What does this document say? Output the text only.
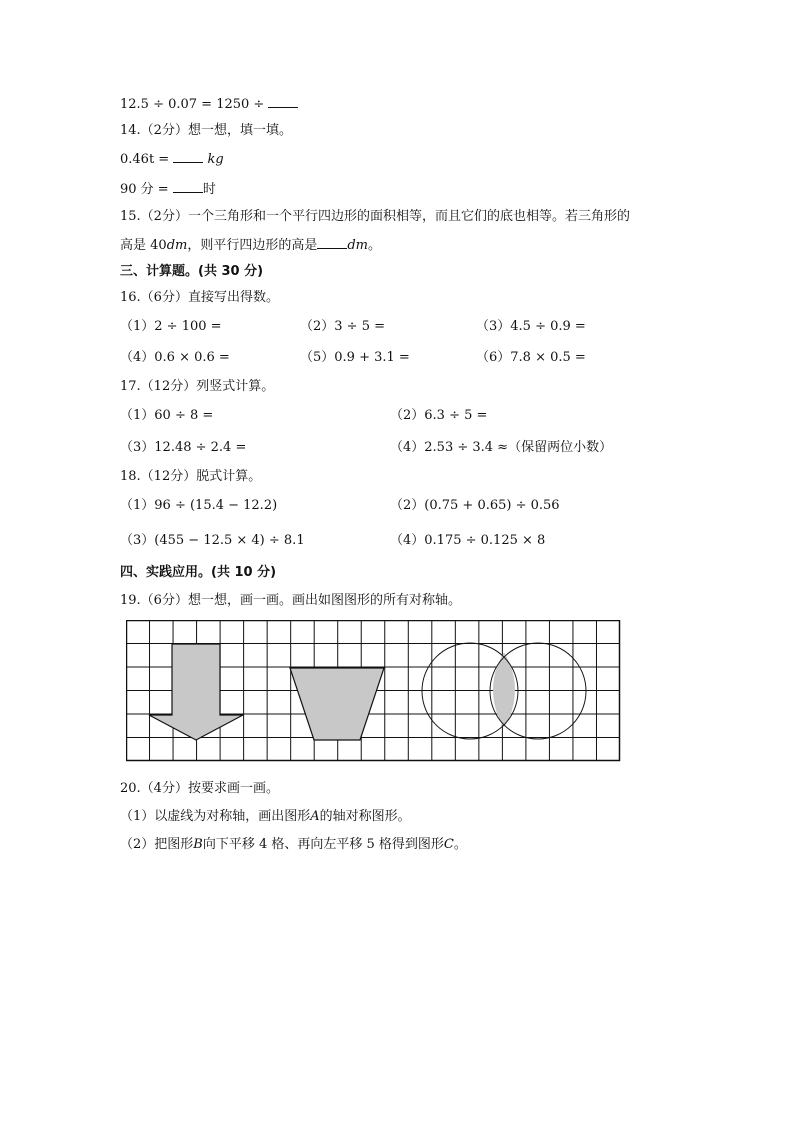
12.5 ÷ 0.07 = 1250 ÷
14.（2分）想一想，填一填。
0.46t =	kg
90 分 =	时
15.（2分）一个三角形和一个平行四边形的面积相等，而且它们的底也相等。若三角形的
高是 40dm，则平行四边形的高是 dm。
三、计算题。(共 30 分)
16.（6分）直接写出得数。
（1）2 ÷ 100 =	（2）3 ÷ 5 =	（3）4.5 ÷ 0.9 =
（4）0.6 × 0.6 =	（5）0.9 + 3.1 =	（6）7.8 × 0.5 =
17.（12分）列竖式计算。
（1）60 ÷ 8 =	（2）6.3 ÷ 5 =
（3）12.48 ÷ 2.4 =	（4）2.53 ÷ 3.4 ≈（保留两位小数）
18.（12分）脱式计算。
（1）96 ÷ (15.4 − 12.2)	（2）(0.75 + 0.65) ÷ 0.56
（3）(455 − 12.5 × 4) ÷ 8.1	（4）0.175 ÷ 0.125 × 8
四、实践应用。(共 10 分)
19.（6分）想一想，画一画。画出如图图形的所有对称轴。
20.（4分）按要求画一画。
（1）以虚线为对称轴，画出图形A的轴对称图形。
（2）把图形B向下平移 4 格、再向左平移 5 格得到图形C。
